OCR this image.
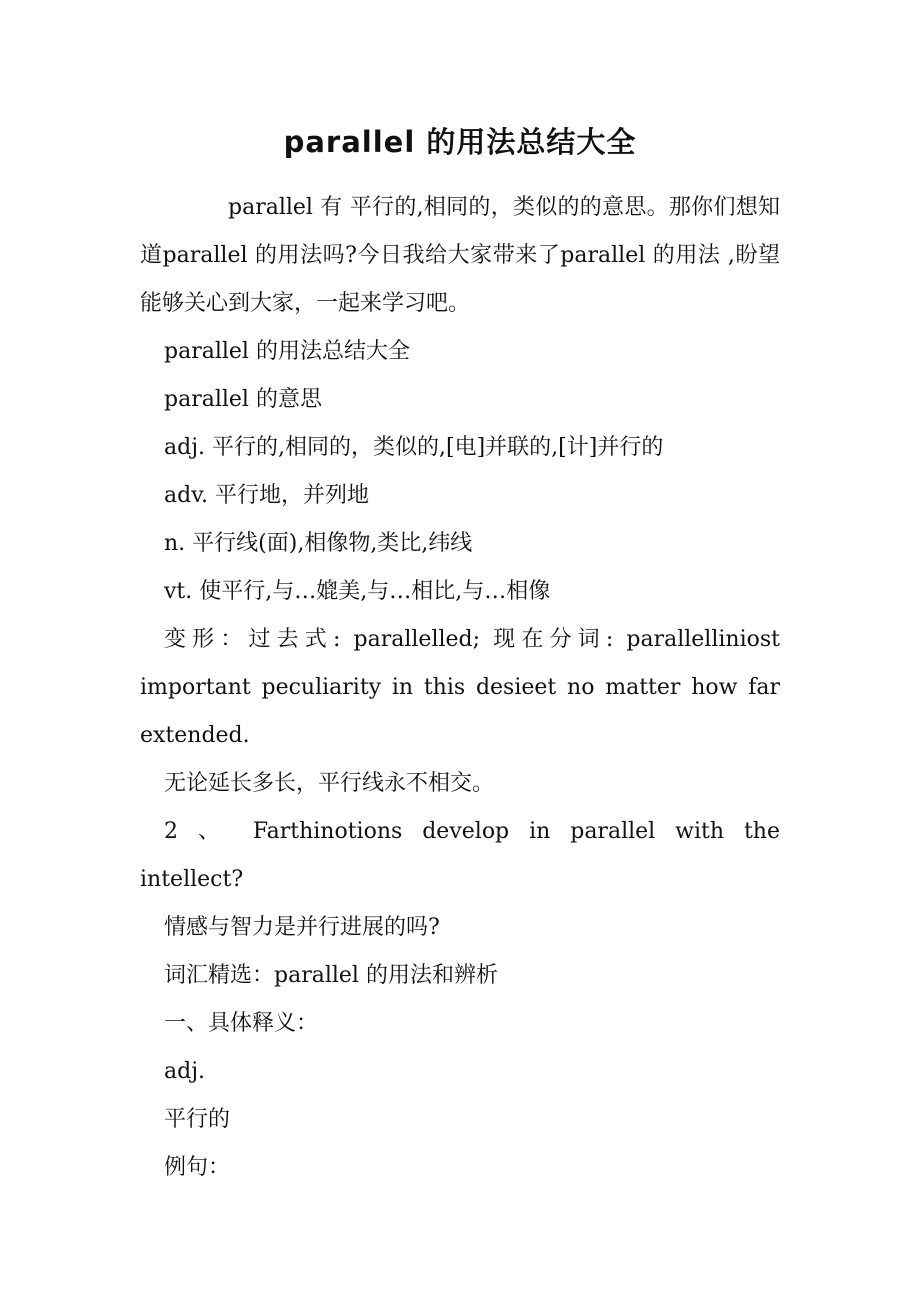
parallel 的用法总结大全

parallel 有 平行的,相同的，类似的的意思。那你们想知道parallel 的用法吗?今日我给大家带来了parallel 的用法 ,盼望能够关心到大家，一起来学习吧。

parallel 的用法总结大全

parallel 的意思

adj. 平行的,相同的，类似的,[电]并联的,[计]并行的

adv. 平行地，并列地

n. 平行线(面),相像物,类比,纬线

vt. 使平行,与…媲美,与…相比,与…相像

变形：过去式: parallelled; 现在分词: parallelliniost important peculiarity in this desieet no matter how far extended.

无论延长多长，平行线永不相交。

2 、 Farthinotions develop in parallel with the intellect?

情感与智力是并行进展的吗?

词汇精选：parallel 的用法和辨析

一、具体释义：

adj.

平行的

例句：
